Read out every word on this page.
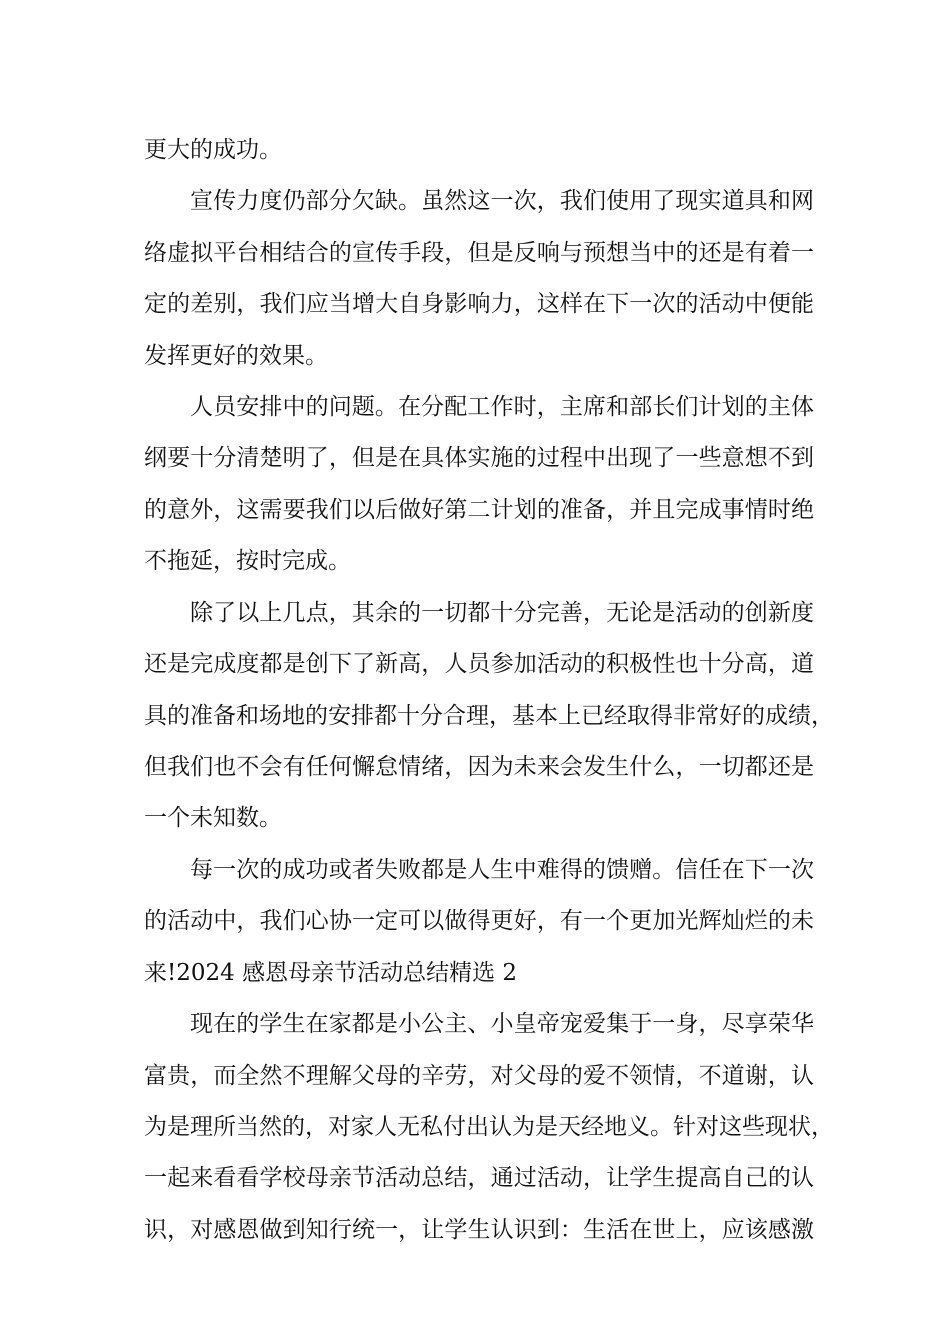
更大的成功。
宣传力度仍部分欠缺。虽然这一次，我们使用了现实道具和网
络虚拟平台相结合的宣传手段，但是反响与预想当中的还是有着一
定的差别，我们应当增大自身影响力，这样在下一次的活动中便能
发挥更好的效果。
人员安排中的问题。在分配工作时，主席和部长们计划的主体
纲要十分清楚明了，但是在具体实施的过程中出现了一些意想不到
的意外，这需要我们以后做好第二计划的准备，并且完成事情时绝
不拖延，按时完成。
除了以上几点，其余的一切都十分完善，无论是活动的创新度
还是完成度都是创下了新高，人员参加活动的积极性也十分高，道
具的准备和场地的安排都十分合理，基本上已经取得非常好的成绩，
但我们也不会有任何懈怠情绪，因为未来会发生什么，一切都还是
一个未知数。
每一次的成功或者失败都是人生中难得的馈赠。信任在下一次
的活动中，我们心协一定可以做得更好，有一个更加光辉灿烂的未
来!2024 感恩母亲节活动总结精选 2
现在的学生在家都是小公主、小皇帝宠爱集于一身，尽享荣华
富贵，而全然不理解父母的辛劳，对父母的爱不领情，不道谢，认
为是理所当然的，对家人无私付出认为是天经地义。针对这些现状，
一起来看看学校母亲节活动总结，通过活动，让学生提高自己的认
识，对感恩做到知行统一，让学生认识到：生活在世上，应该感激
